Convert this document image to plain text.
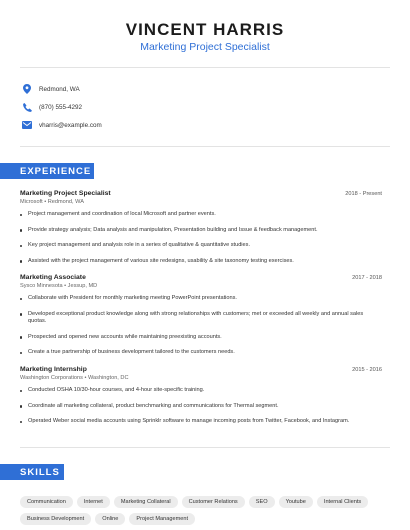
VINCENT HARRIS
Marketing Project Specialist
Redmond, WA
(870) 555-4292
vharris@example.com
EXPERIENCE
Marketing Project Specialist	2018 - Present
Microsoft • Redmond, WA
Project management and coordination of local Microsoft and partner events.
Provide strategy analysis; Data analysis and manipulation, Presentation building and Issue & feedback management.
Key project management and analysis role in a series of qualitative & quantitative studies.
Assisted with the project management of various site redesigns, usability & site taxonomy testing exercises.
Marketing Associate	2017 - 2018
Sysco Minnesota • Jessup, MD
Collaborate with President for monthly marketing meeting PowerPoint presentations.
Developed exceptional product knowledge along with strong relationships with customers; met or exceeded all weekly and annual sales quotas.
Prospected and opened new accounts while maintaining preexisting accounts.
Create a true partnership of business development tailored to the customers needs.
Marketing Internship	2015 - 2016
Washington Corporations • Washington, DC
Conducted OSHA 10/30-hour courses, and 4-hour site-specific training.
Coordinate all marketing collateral, product benchmarking and communications for Thermal segment.
Operated Weber social media accounts using Sprinklr software to manage incoming posts from Twitter, Facebook, and Instagram.
SKILLS
Communication	Internet	Marketing Collateral	Customer Relations	SEO	Youtube	Internal Clients
Business Development	Online	Project Management
